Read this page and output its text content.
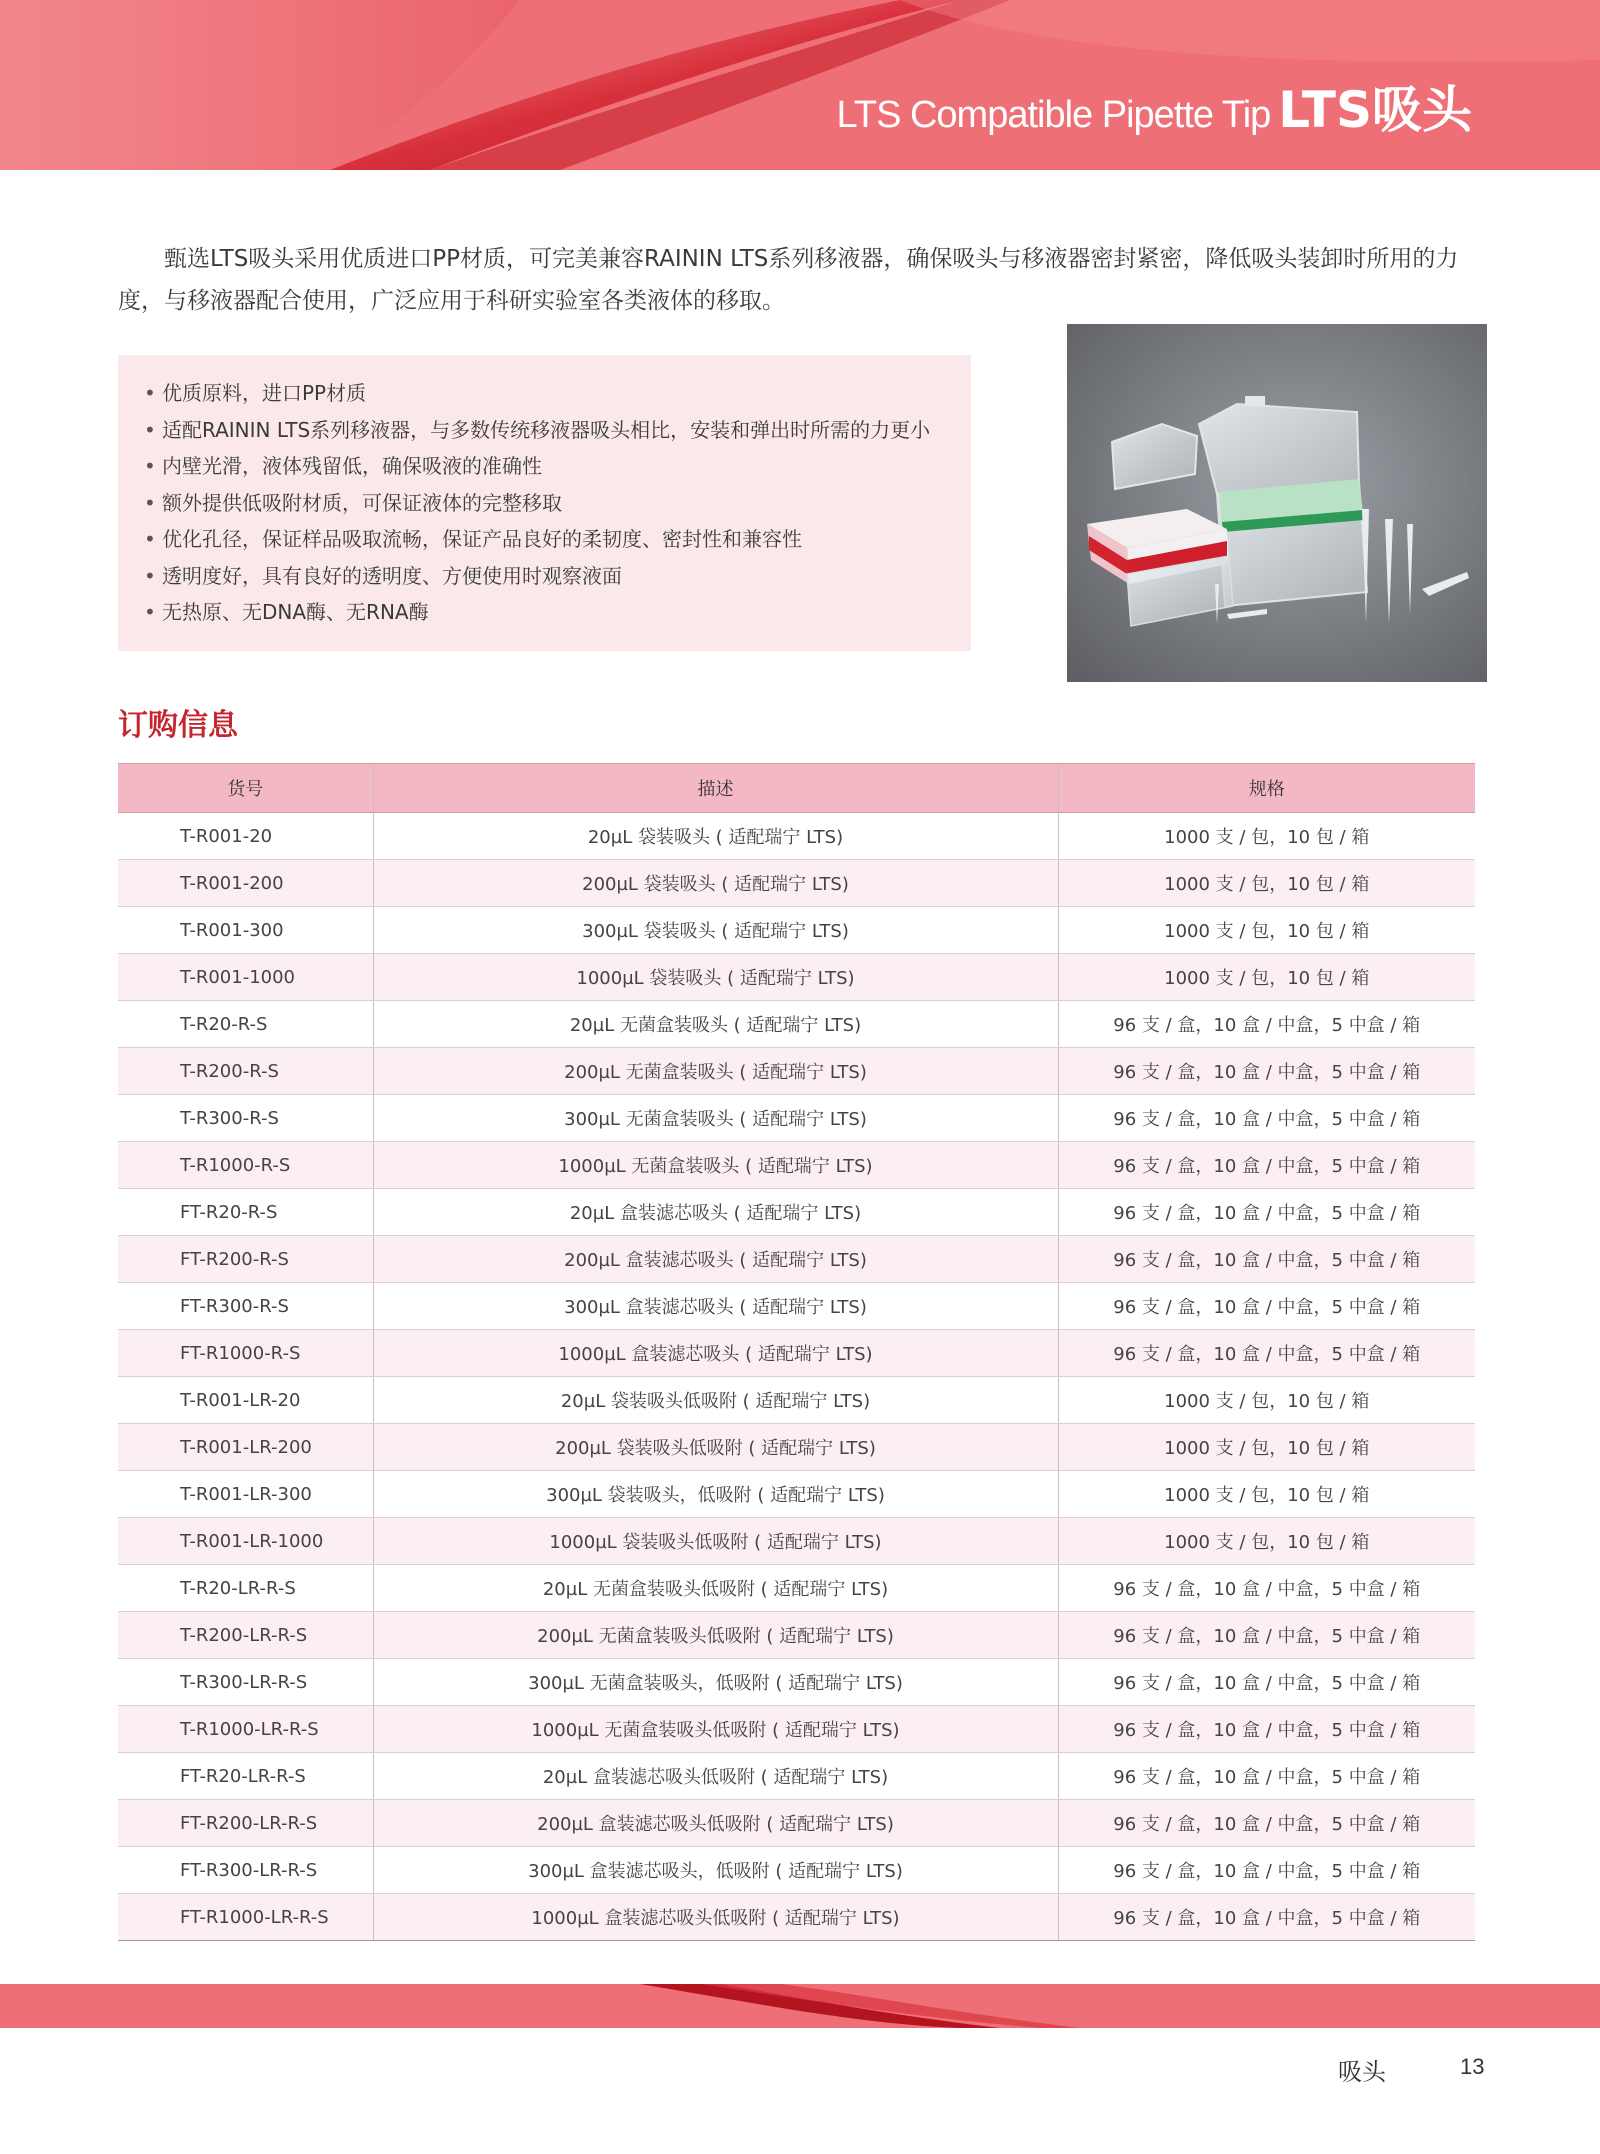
LTS Compatible Pipette Tip LTS吸头

甄选LTS吸头采用优质进口PP材质，可完美兼容RAININ LTS系列移液器，确保吸头与移液器密封紧密，降低吸头装卸时所用的力度，与移液器配合使用，广泛应用于科研实验室各类液体的移取。

• 优质原料，进口PP材质
• 适配RAININ LTS系列移液器，与多数传统移液器吸头相比，安装和弹出时所需的力更小
• 内壁光滑，液体残留低，确保吸液的准确性
• 额外提供低吸附材质，可保证液体的完整移取
• 优化孔径，保证样品吸取流畅，保证产品良好的柔韧度、密封性和兼容性
• 透明度好，具有良好的透明度、方便使用时观察液面
• 无热原、无DNA酶、无RNA酶
订购信息
货号	描述	规格
T-R001-20	20µL 袋装吸头 ( 适配瑞宁 LTS)	1000 支 / 包，10 包 / 箱
T-R001-200	200µL 袋装吸头 ( 适配瑞宁 LTS)	1000 支 / 包，10 包 / 箱
T-R001-300	300µL 袋装吸头 ( 适配瑞宁 LTS)	1000 支 / 包，10 包 / 箱
T-R001-1000	1000µL 袋装吸头 ( 适配瑞宁 LTS)	1000 支 / 包，10 包 / 箱
T-R20-R-S	20µL 无菌盒装吸头 ( 适配瑞宁 LTS)	96 支 / 盒，10 盒 / 中盒，5 中盒 / 箱
T-R200-R-S	200µL 无菌盒装吸头 ( 适配瑞宁 LTS)	96 支 / 盒，10 盒 / 中盒，5 中盒 / 箱
T-R300-R-S	300µL 无菌盒装吸头 ( 适配瑞宁 LTS)	96 支 / 盒，10 盒 / 中盒，5 中盒 / 箱
T-R1000-R-S	1000µL 无菌盒装吸头 ( 适配瑞宁 LTS)	96 支 / 盒，10 盒 / 中盒，5 中盒 / 箱
FT-R20-R-S	20µL 盒装滤芯吸头 ( 适配瑞宁 LTS)	96 支 / 盒，10 盒 / 中盒，5 中盒 / 箱
FT-R200-R-S	200µL 盒装滤芯吸头 ( 适配瑞宁 LTS)	96 支 / 盒，10 盒 / 中盒，5 中盒 / 箱
FT-R300-R-S	300µL 盒装滤芯吸头 ( 适配瑞宁 LTS)	96 支 / 盒，10 盒 / 中盒，5 中盒 / 箱
FT-R1000-R-S	1000µL 盒装滤芯吸头 ( 适配瑞宁 LTS)	96 支 / 盒，10 盒 / 中盒，5 中盒 / 箱
T-R001-LR-20	20µL 袋装吸头低吸附 ( 适配瑞宁 LTS)	1000 支 / 包，10 包 / 箱
T-R001-LR-200	200µL 袋装吸头低吸附 ( 适配瑞宁 LTS)	1000 支 / 包，10 包 / 箱
T-R001-LR-300	300µL 袋装吸头，低吸附 ( 适配瑞宁 LTS)	1000 支 / 包，10 包 / 箱
T-R001-LR-1000	1000µL 袋装吸头低吸附 ( 适配瑞宁 LTS)	1000 支 / 包，10 包 / 箱
T-R20-LR-R-S	20µL 无菌盒装吸头低吸附 ( 适配瑞宁 LTS)	96 支 / 盒，10 盒 / 中盒，5 中盒 / 箱
T-R200-LR-R-S	200µL 无菌盒装吸头低吸附 ( 适配瑞宁 LTS)	96 支 / 盒，10 盒 / 中盒，5 中盒 / 箱
T-R300-LR-R-S	300µL 无菌盒装吸头，低吸附 ( 适配瑞宁 LTS)	96 支 / 盒，10 盒 / 中盒，5 中盒 / 箱
T-R1000-LR-R-S	1000µL 无菌盒装吸头低吸附 ( 适配瑞宁 LTS)	96 支 / 盒，10 盒 / 中盒，5 中盒 / 箱
FT-R20-LR-R-S	20µL 盒装滤芯吸头低吸附 ( 适配瑞宁 LTS)	96 支 / 盒，10 盒 / 中盒，5 中盒 / 箱
FT-R200-LR-R-S	200µL 盒装滤芯吸头低吸附 ( 适配瑞宁 LTS)	96 支 / 盒，10 盒 / 中盒，5 中盒 / 箱
FT-R300-LR-R-S	300µL 盒装滤芯吸头，低吸附 ( 适配瑞宁 LTS)	96 支 / 盒，10 盒 / 中盒，5 中盒 / 箱
FT-R1000-LR-R-S	1000µL 盒装滤芯吸头低吸附 ( 适配瑞宁 LTS)	96 支 / 盒，10 盒 / 中盒，5 中盒 / 箱
吸头	13
